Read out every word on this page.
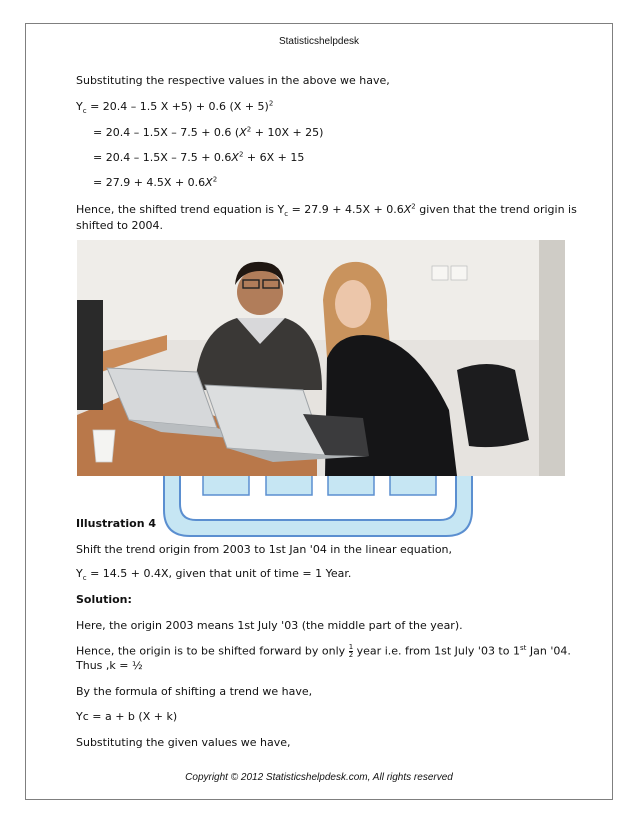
Statisticshelpdesk
Substituting the respective values in the above we have,
$Y_c = 20.4 - 1.5$ X +5) + 0.6 $(X + 5)^2$
= 20.4 – 1.5X – 7.5 + 0.6 $(X^2 + 10X + 25)$
= $20.4 - 1.5X - 7.5 + 0.6X^2 + 6X + 15$
= $27.9 + 4.5X + 0.6X^2$
Hence, the shifted trend equation is $Y_c = 27.9 + 4.5X + 0.6X^2$ given that the trend origin is
shifted to 2004.
Illustration 4
Shift the trend origin from 2003 to 1st Jan '04 in the linear equation,
$Y_c = 14.5 + 0.4X$, given that unit of time = 1 Year.
Solution:
Here, the origin 2003 means 1st July '03 (the middle part of the year).
Hence, the origin is to be shifted forward by only $\frac{1}{2}$ year i.e. from 1st July '03 to 1st Jan '04.
Thus ,k = ½
By the formula of shifting a trend we have,
Yc = a + b (X + k)
Substituting the given values we have,
Copyright © 2012 Statisticshelpdesk.com, All rights reserved
